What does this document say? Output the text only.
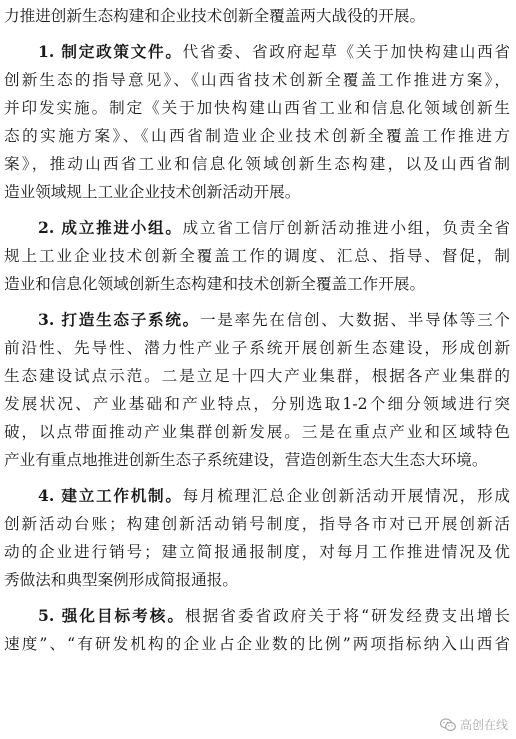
力推进创新生态构建和企业技术创新全覆盖两大战役的开展。
1. 制定政策文件。代省委、省政府起草《关于加快构建山西省
创新生态的指导意见》、《山西省技术创新全覆盖工作推进方案》，
并印发实施。制定《关于加快构建山西省工业和信息化领域创新生
态的实施方案》、《山西省制造业企业技术创新全覆盖工作推进方
案》，推动山西省工业和信息化领域创新生态构建，以及山西省制
造业领域规上工业企业技术创新活动开展。
2. 成立推进小组。成立省工信厅创新活动推进小组，负责全省
规上工业企业技术创新全覆盖工作的调度、汇总、指导、督促，制
造业和信息化领域创新生态构建和技术创新全覆盖工作开展。
3. 打造生态子系统。一是率先在信创、大数据、半导体等三个
前沿性、先导性、潜力性产业子系统开展创新生态建设，形成创新
生态建设试点示范。二是立足十四大产业集群，根据各产业集群的
发展状况、产业基础和产业特点，分别选取1-2个细分领域进行突
破，以点带面推动产业集群创新发展。三是在重点产业和区域特色
产业有重点地推进创新生态子系统建设，营造创新生态大生态大环境。
4. 建立工作机制。每月梳理汇总企业创新活动开展情况，形成
创新活动台账；构建创新活动销号制度，指导各市对已开展创新活
动的企业进行销号；建立简报通报制度，对每月工作推进情况及优
秀做法和典型案例形成简报通报。
5. 强化目标考核。根据省委省政府关于将“研发经费支出增长
速度”、“有研发机构的企业占企业数的比例”两项指标纳入山西省
高创在线
